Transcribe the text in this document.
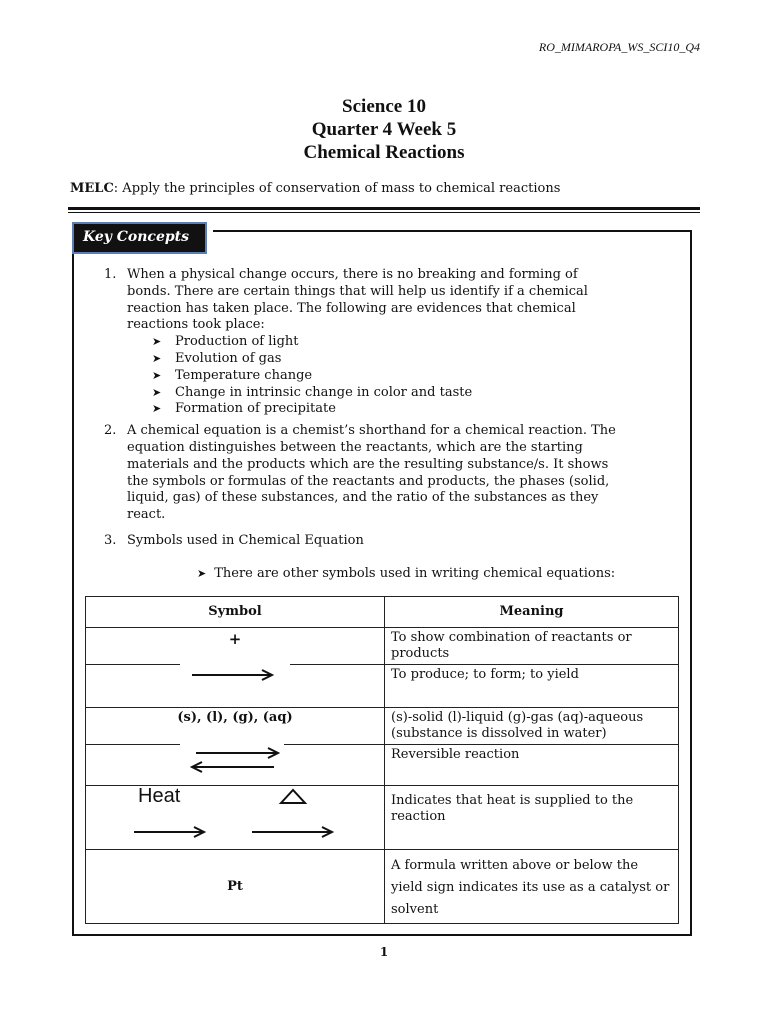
RO_MIMAROPA_WS_SCI10_Q4
Science 10
Quarter 4 Week 5
Chemical Reactions
MELC: Apply the principles of conservation of mass to chemical reactions
Key Concepts
1. When a physical change occurs, there is no breaking and forming of bonds. There are certain things that will help us identify if a chemical reaction has taken place. The following are evidences that chemical reactions took place:
➤ Production of light
➤ Evolution of gas
➤ Temperature change
➤ Change in intrinsic change in color and taste
➤ Formation of precipitate
2. A chemical equation is a chemist’s shorthand for a chemical reaction. The equation distinguishes between the reactants, which are the starting materials and the products which are the resulting substance/s. It shows the symbols or formulas of the reactants and products, the phases (solid, liquid, gas) of these substances, and the ratio of the substances as they react.
3. Symbols used in Chemical Equation
➤ There are other symbols used in writing chemical equations:
Symbol	Meaning
+	To show combination of reactants or products

	To produce; to form; to yield
(s), (l), (g), (aq)	(s)-solid (l)-liquid (g)-gas (aq)-aqueous (substance is dissolved in water)

	Reversible reaction

Heat	Indicates that heat is supplied to the reaction
Pt	A formula written above or below the yield sign indicates its use as a catalyst or solvent
1
